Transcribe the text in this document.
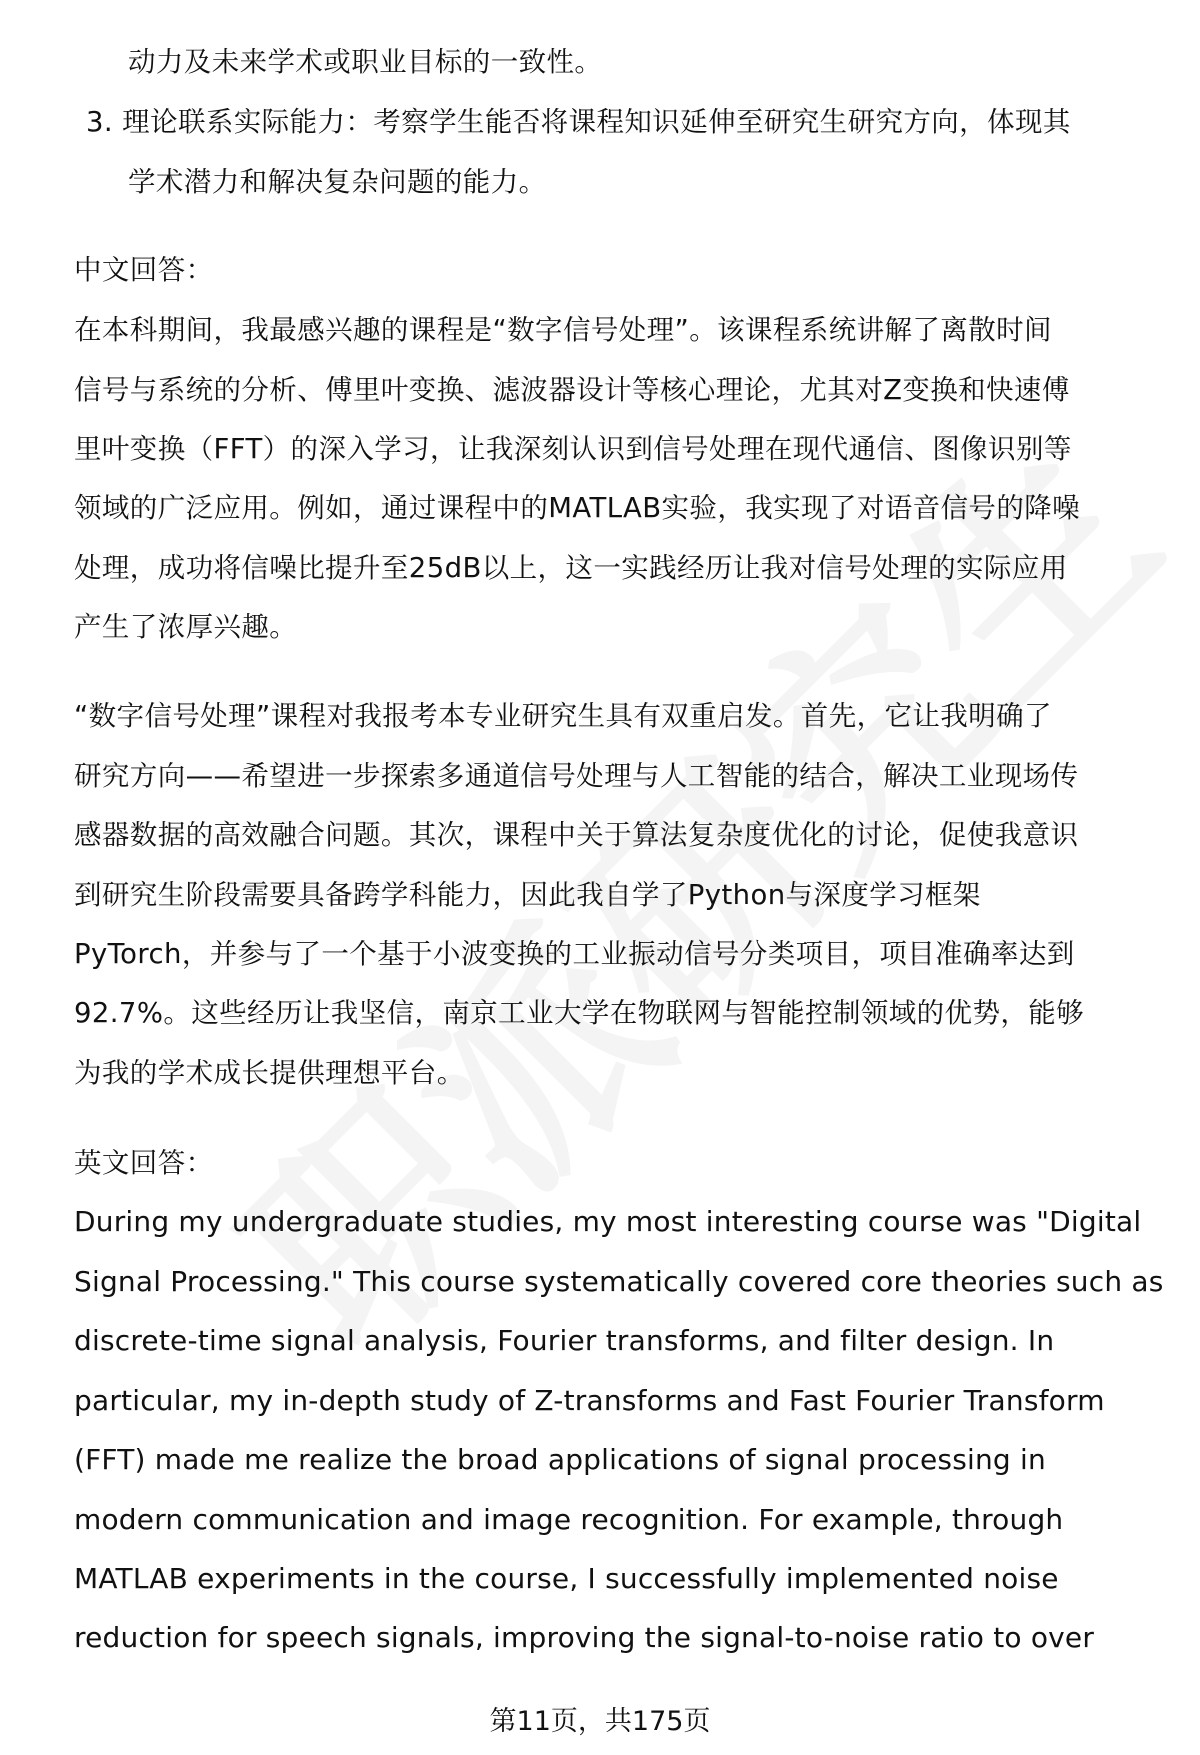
动力及未来学术或职业目标的一致性。
3. 理论联系实际能力：考察学生能否将课程知识延伸至研究生研究方向，体现其
学术潜力和解决复杂问题的能力。
中文回答：
在本科期间，我最感兴趣的课程是“数字信号处理”。该课程系统讲解了离散时间
信号与系统的分析、傅里叶变换、滤波器设计等核心理论，尤其对Z变换和快速傅
里叶变换（FFT）的深入学习，让我深刻认识到信号处理在现代通信、图像识别等
领域的广泛应用。例如，通过课程中的MATLAB实验，我实现了对语音信号的降噪
处理，成功将信噪比提升至25dB以上，这一实践经历让我对信号处理的实际应用
产生了浓厚兴趣。
“数字信号处理”课程对我报考本专业研究生具有双重启发。首先，它让我明确了
研究方向——希望进一步探索多通道信号处理与人工智能的结合，解决工业现场传
感器数据的高效融合问题。其次，课程中关于算法复杂度优化的讨论，促使我意识
到研究生阶段需要具备跨学科能力，因此我自学了Python与深度学习框架
PyTorch，并参与了一个基于小波变换的工业振动信号分类项目，项目准确率达到
92.7%。这些经历让我坚信，南京工业大学在物联网与智能控制领域的优势，能够
为我的学术成长提供理想平台。
英文回答：
During my undergraduate studies, my most interesting course was "Digital
Signal Processing." This course systematically covered core theories such as
discrete-time signal analysis, Fourier transforms, and filter design. In
particular, my in-depth study of Z-transforms and Fast Fourier Transform
(FFT) made me realize the broad applications of signal processing in
modern communication and image recognition. For example, through
MATLAB experiments in the course, I successfully implemented noise
reduction for speech signals, improving the signal-to-noise ratio to over
第11页，共175页
